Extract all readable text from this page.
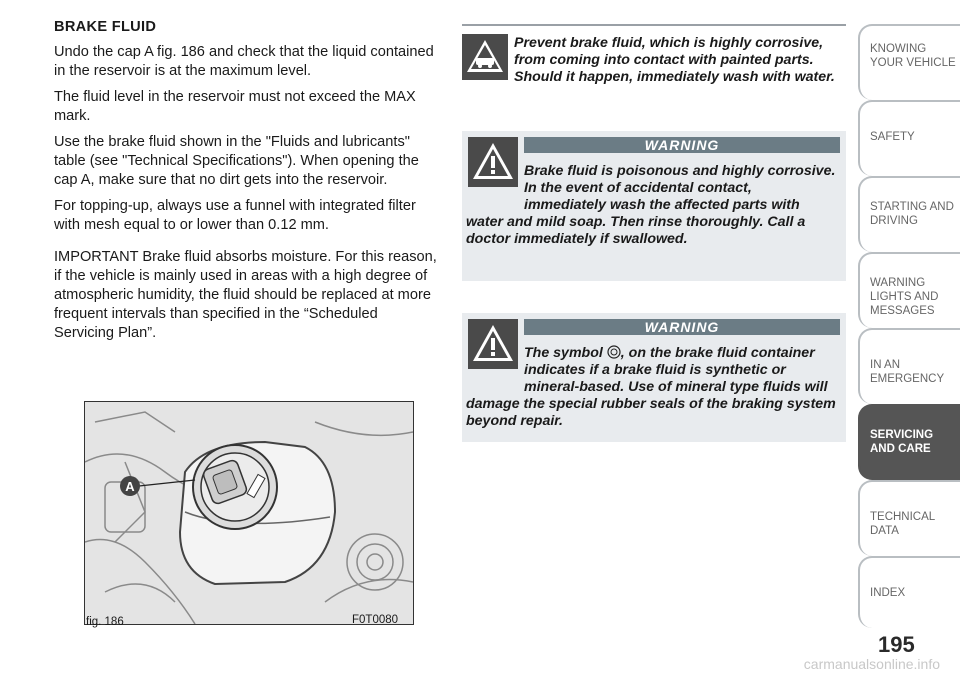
BRAKE FLUID

Undo the cap A fig. 186 and check that the liquid contained in the reservoir is at the maximum level.

The fluid level in the reservoir must not exceed the MAX mark.

Use the brake fluid shown in the "Fluids and lubricants" table (see "Technical Specifications"). When opening the cap A, make sure that no dirt gets into the reservoir.

For topping-up, always use a funnel with integrated filter with mesh equal to or lower than 0.12 mm.

IMPORTANT Brake fluid absorbs moisture. For this reason, if the vehicle is mainly used in areas with a high degree of atmospheric humidity, the fluid should be replaced at more frequent intervals than specified in the “Scheduled Servicing Plan”.

A
fig. 186	F0T0080

Prevent brake fluid, which is highly corrosive, from coming into contact with painted parts. Should it happen, immediately wash with water.

WARNING

Brake fluid is poisonous and highly corrosive. In the event of accidental contact, immediately wash the affected parts with water and mild soap. Then rinse thoroughly. Call a doctor immediately if swallowed.

WARNING

The symbol , on the brake fluid container indicates if a brake fluid is synthetic or mineral-based. Use of mineral type fluids will damage the special rubber seals of the braking system beyond repair.

KNOWING YOUR VEHICLE
SAFETY
STARTING AND DRIVING
WARNING LIGHTS AND MESSAGES
IN AN EMERGENCY
SERVICING AND CARE
TECHNICAL DATA
INDEX
195
carmanualsonline.info
